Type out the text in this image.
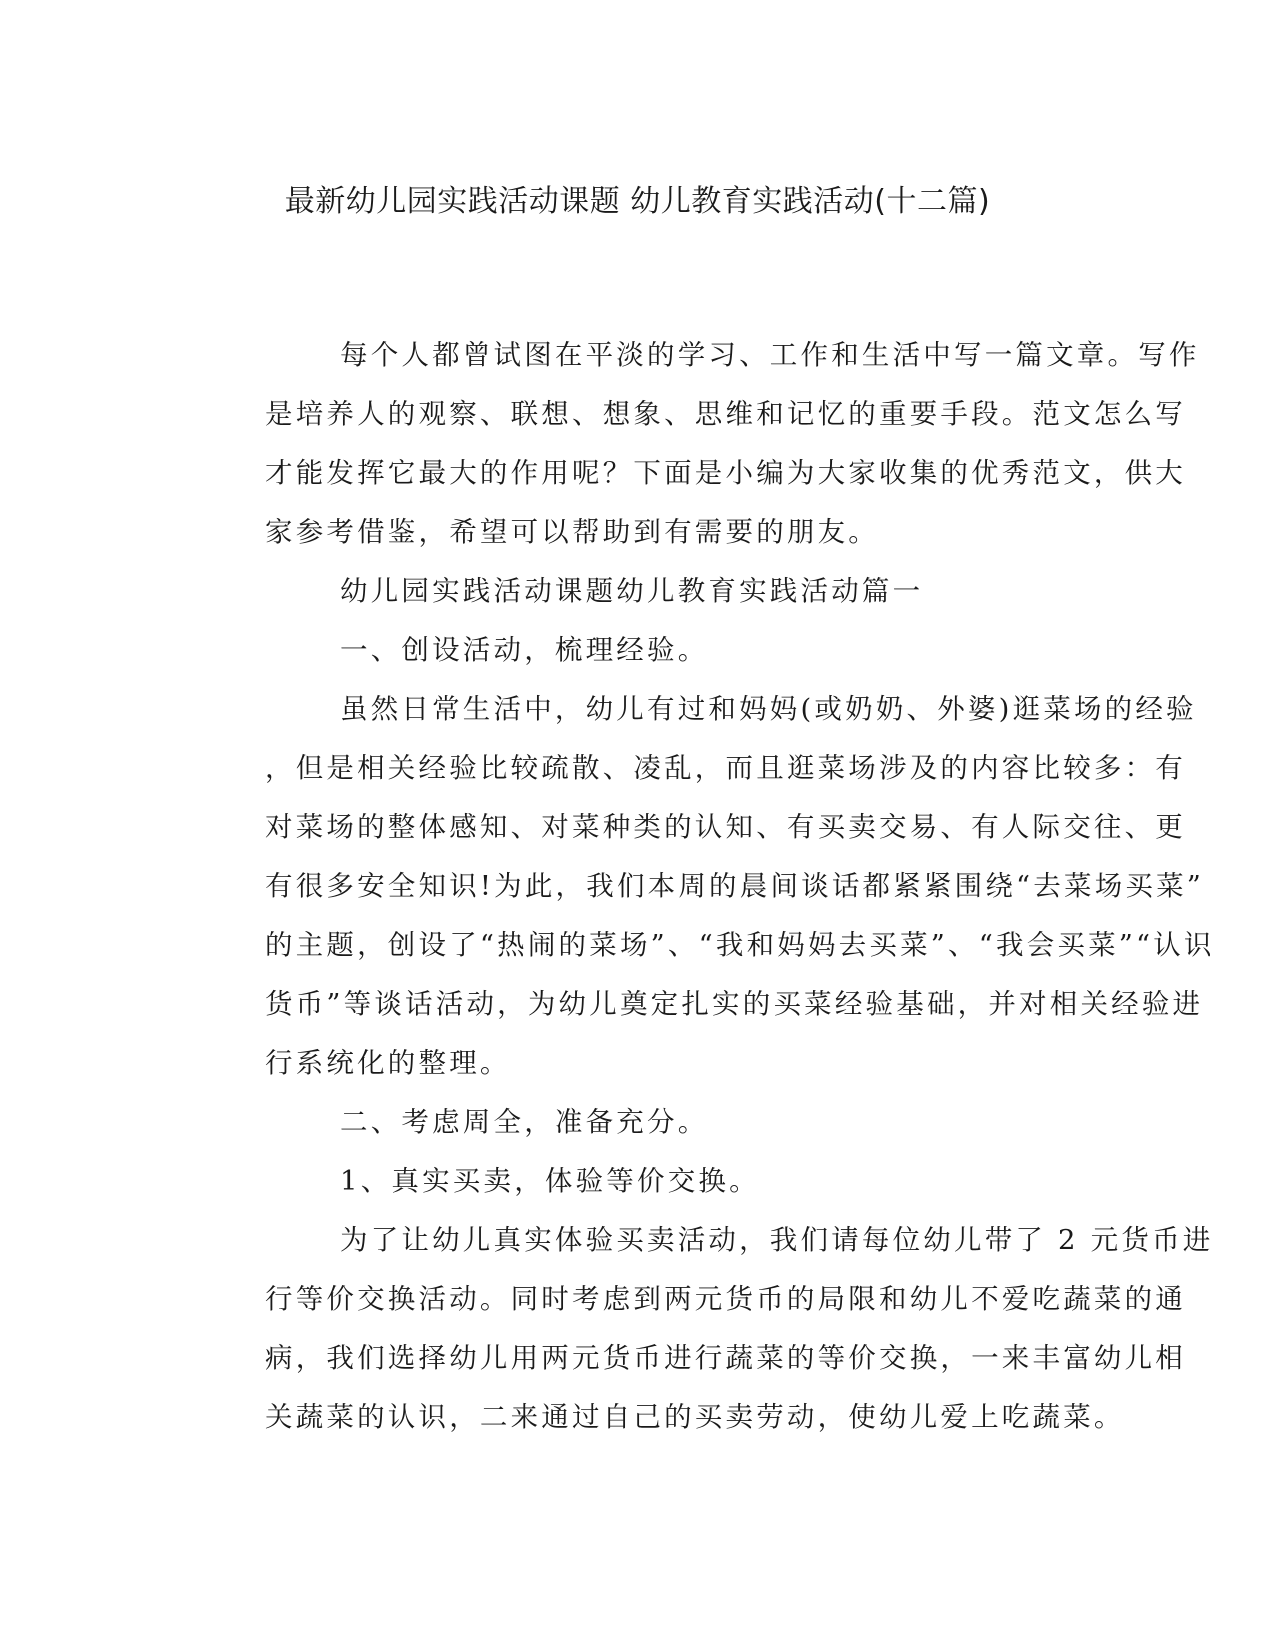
最新幼儿园实践活动课题 幼儿教育实践活动(十二篇)

每个人都曾试图在平淡的学习、工作和生活中写一篇文章。写作
是培养人的观察、联想、想象、思维和记忆的重要手段。范文怎么写
才能发挥它最大的作用呢？下面是小编为大家收集的优秀范文，供大
家参考借鉴，希望可以帮助到有需要的朋友。

幼儿园实践活动课题幼儿教育实践活动篇一

一、创设活动，梳理经验。

虽然日常生活中，幼儿有过和妈妈(或奶奶、外婆)逛菜场的经验
，但是相关经验比较疏散、凌乱，而且逛菜场涉及的内容比较多：有
对菜场的整体感知、对菜种类的认知、有买卖交易、有人际交往、更
有很多安全知识!为此，我们本周的晨间谈话都紧紧围绕“去菜场买菜”
的主题，创设了“热闹的菜场”、“我和妈妈去买菜”、“我会买菜”“认识
货币”等谈话活动，为幼儿奠定扎实的买菜经验基础，并对相关经验进
行系统化的整理。

二、考虑周全，准备充分。

1、真实买卖，体验等价交换。

为了让幼儿真实体验买卖活动，我们请每位幼儿带了 2 元货币进
行等价交换活动。同时考虑到两元货币的局限和幼儿不爱吃蔬菜的通
病，我们选择幼儿用两元货币进行蔬菜的等价交换，一来丰富幼儿相
关蔬菜的认识，二来通过自己的买卖劳动，使幼儿爱上吃蔬菜。
